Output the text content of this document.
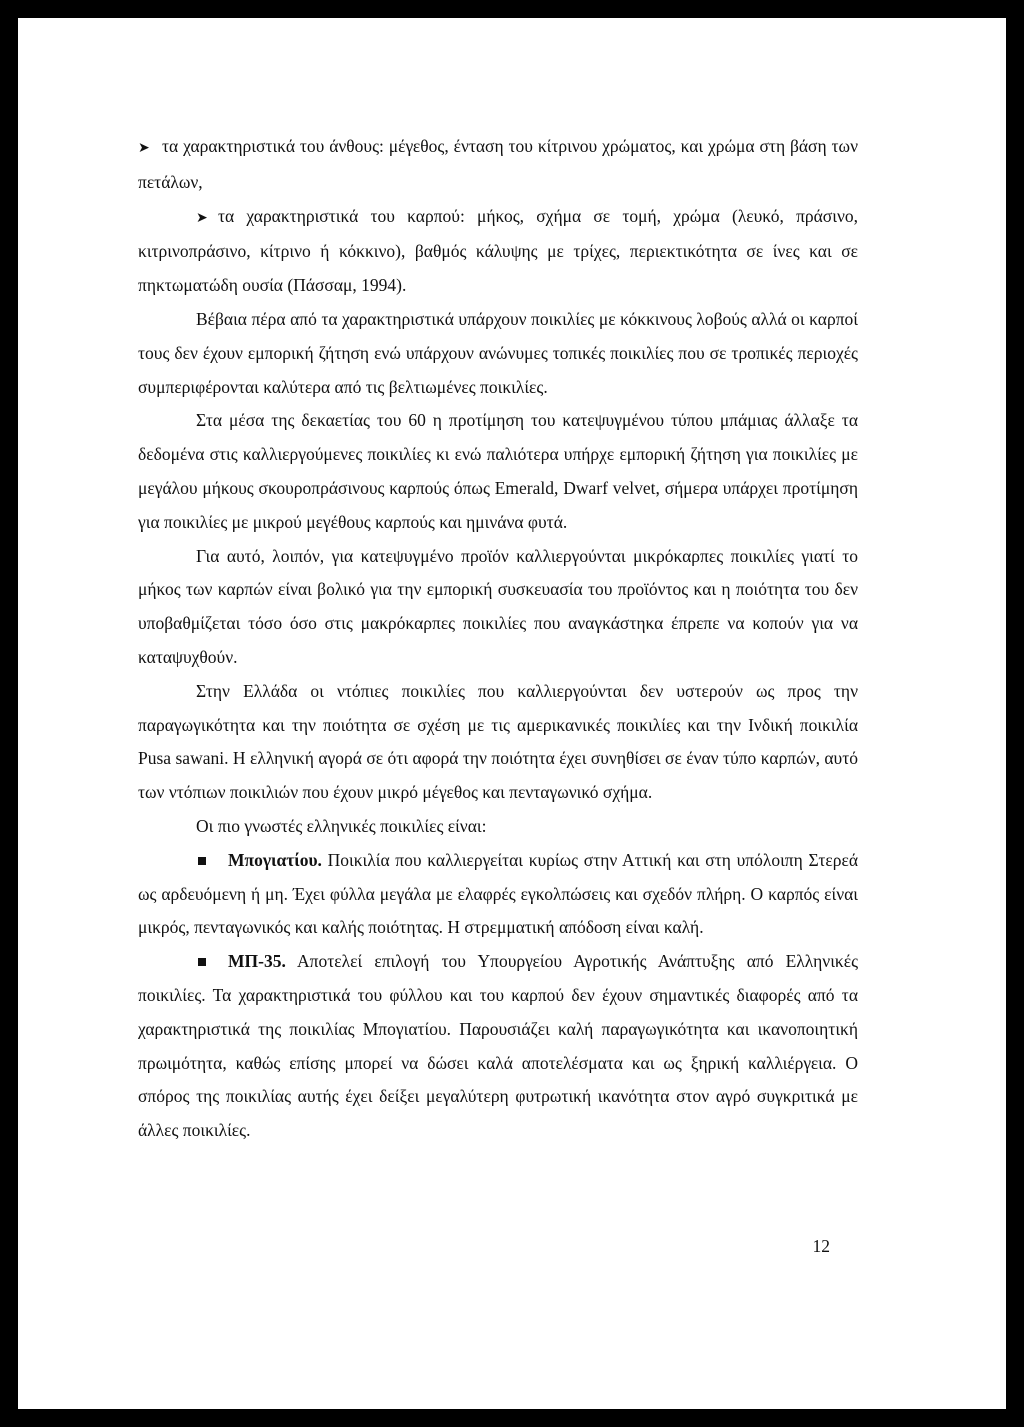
➤ τα χαρακτηριστικά του άνθους: μέγεθος, ένταση του κίτρινου χρώματος, και χρώμα στη βάση των πετάλων,

➤ τα χαρακτηριστικά του καρπού: μήκος, σχήμα σε τομή, χρώμα (λευκό, πράσινο, κιτρινοπράσινο, κίτρινο ή κόκκινο), βαθμός κάλυψης με τρίχες, περιεκτικότητα σε ίνες και σε πηκτωματώδη ουσία (Πάσσαμ, 1994).

Βέβαια πέρα από τα χαρακτηριστικά υπάρχουν ποικιλίες με κόκκινους λοβούς αλλά οι καρποί τους δεν έχουν εμπορική ζήτηση ενώ υπάρχουν ανώνυμες τοπικές ποικιλίες που σε τροπικές περιοχές συμπεριφέρονται καλύτερα από τις βελτιωμένες ποικιλίες.

Στα μέσα της δεκαετίας του 60 η προτίμηση του κατεψυγμένου τύπου μπάμιας άλλαξε τα δεδομένα στις καλλιεργούμενες ποικιλίες κι ενώ παλιότερα υπήρχε εμπορική ζήτηση για ποικιλίες με μεγάλου μήκους σκουροπράσινους καρπούς όπως Emerald, Dwarf velvet, σήμερα υπάρχει προτίμηση για ποικιλίες με μικρού μεγέθους καρπούς και ημινάνα φυτά.

Για αυτό, λοιπόν, για κατεψυγμένο προϊόν καλλιεργούνται μικρόκαρπες ποικιλίες γιατί το μήκος των καρπών είναι βολικό για την εμπορική συσκευασία του προϊόντος και η ποιότητα του δεν υποβαθμίζεται τόσο όσο στις μακρόκαρπες ποικιλίες που αναγκάστηκα έπρεπε να κοπούν για να καταψυχθούν.

Στην Ελλάδα οι ντόπιες ποικιλίες που καλλιεργούνται δεν υστερούν ως προς την παραγωγικότητα και την ποιότητα σε σχέση με τις αμερικανικές ποικιλίες και την Ινδική ποικιλία Pusa sawani. Η ελληνική αγορά σε ότι αφορά την ποιότητα έχει συνηθίσει σε έναν τύπο καρπών, αυτό των ντόπιων ποικιλιών που έχουν μικρό μέγεθος και πενταγωνικό σχήμα.

Οι πιο γνωστές ελληνικές ποικιλίες είναι:

Μπογιατίου. Ποικιλία που καλλιεργείται κυρίως στην Αττική και στη υπόλοιπη Στερεά ως αρδευόμενη ή μη. Έχει φύλλα μεγάλα με ελαφρές εγκολπώσεις και σχεδόν πλήρη. Ο καρπός είναι μικρός, πενταγωνικός και καλής ποιότητας. Η στρεμματική απόδοση είναι καλή.

ΜΠ-35. Αποτελεί επιλογή του Υπουργείου Αγροτικής Ανάπτυξης από Ελληνικές ποικιλίες. Τα χαρακτηριστικά του φύλλου και του καρπού δεν έχουν σημαντικές διαφορές από τα χαρακτηριστικά της ποικιλίας Μπογιατίου. Παρουσιάζει καλή παραγωγικότητα και ικανοποιητική πρωιμότητα, καθώς επίσης μπορεί να δώσει καλά αποτελέσματα και ως ξηρική καλλιέργεια. Ο σπόρος της ποικιλίας αυτής έχει δείξει μεγαλύτερη φυτρωτική ικανότητα στον αγρό συγκριτικά με άλλες ποικιλίες.

12
